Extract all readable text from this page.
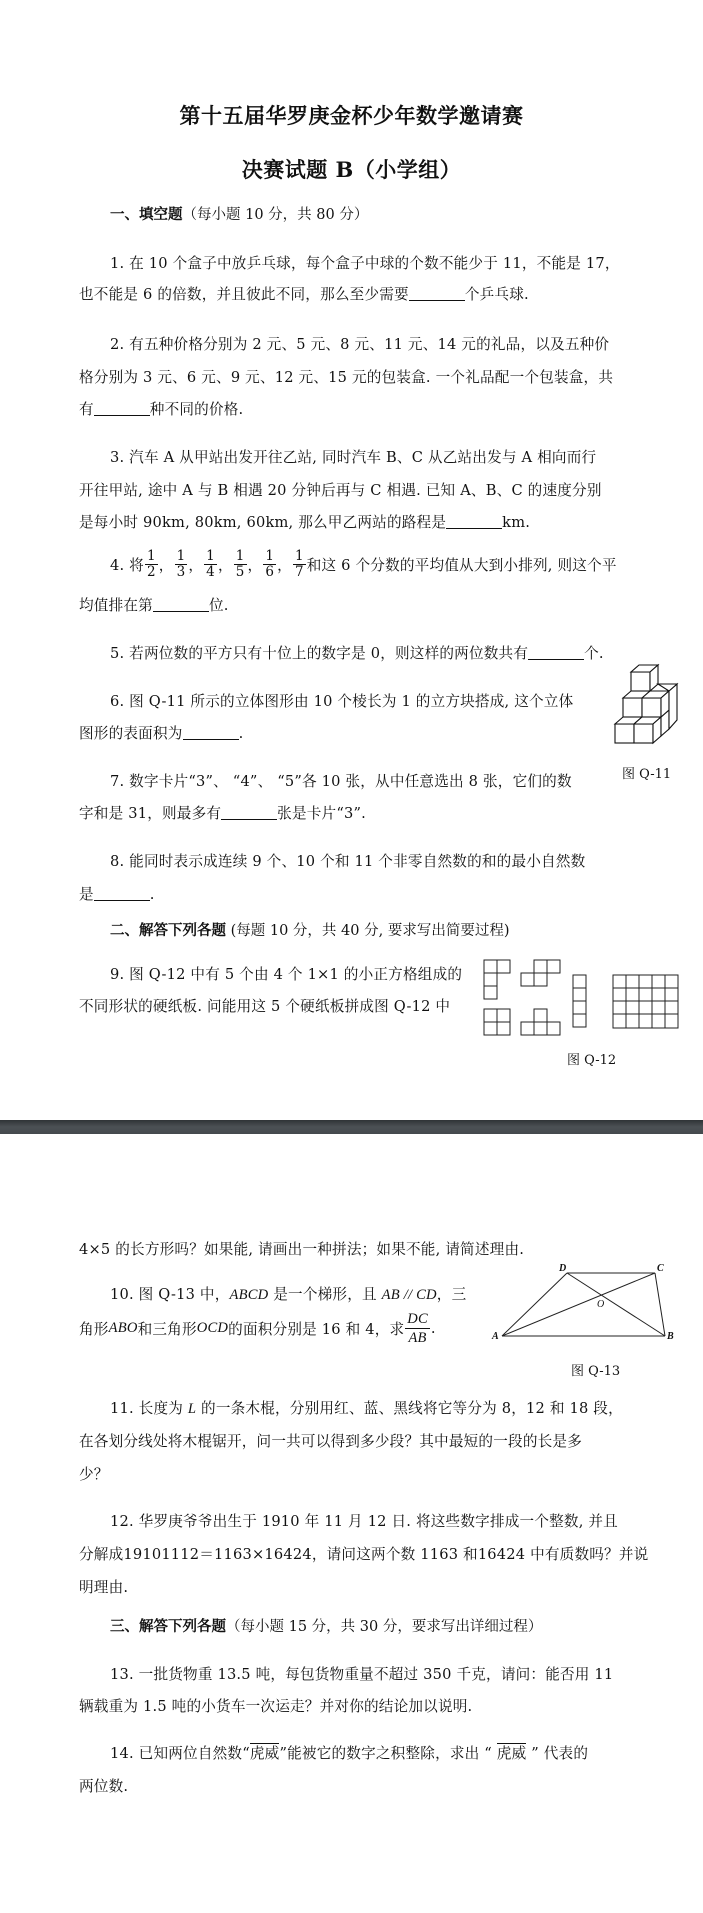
第十五届华罗庚金杯少年数学邀请赛
决赛试题 B（小学组）
一、填空题（每小题 10 分，共 80 分）
1. 在 10 个盒子中放乒乓球，每个盒子中球的个数不能少于 11，不能是 17，
也不能是 6 的倍数，并且彼此不同，那么至少需要	个乒乓球.
2. 有五种价格分别为 2 元、5 元、8 元、11 元、14 元的礼品，以及五种价
格分别为 3 元、6 元、9 元、12 元、15 元的包装盒. 一个礼品配一个包装盒，共
有	种不同的价格.
3. 汽车 A 从甲站出发开往乙站, 同时汽车 B、C 从乙站出发与 A 相向而行
开往甲站, 途中 A 与 B 相遇 20 分钟后再与 C 相遇. 已知 A、B、C 的速度分别
是每小时 90km, 80km, 60km, 那么甲乙两站的路程是	km.
4. 将 $\frac{1}{2}$ ， $\frac{1}{3}$ ， $\frac{1}{4}$ ， $\frac{1}{5}$ ， $\frac{1}{6}$ ， $\frac{1}{7}$ 和这 6 个分数的平均值从大到小排列, 则这个平
均值排在第	位.
5. 若两位数的平方只有十位上的数字是 0，则这样的两位数共有	个.
6. 图 Q-11 所示的立体图形由 10 个棱长为 1 的立方块搭成, 这个立体
图形的表面积为	.
图 Q-11
7. 数字卡片“3”、 “4”、 “5”各 10 张，从中任意选出 8 张，它们的数
字和是 31，则最多有	张是卡片“3”.
8. 能同时表示成连续 9 个、10 个和 11 个非零自然数的和的最小自然数
是	.
二、解答下列各题 (每题 10 分，共 40 分, 要求写出简要过程)
9. 图 Q-12 中有 5 个由 4 个 1×1 的小正方格组成的
不同形状的硬纸板. 问能用这 5 个硬纸板拼成图 Q-12 中
图 Q-12
4×5 的长方形吗？如果能, 请画出一种拼法；如果不能, 请简述理由.
10. 图 Q-13 中，ABCD 是一个梯形，且 AB // CD，三
角形 ABO 和三角形 OCD 的面积分别是 16 和 4，求 $\frac{DC}{AB}$ .	A	B
C
D
O
图 Q-13
11. 长度为 L 的一条木棍，分别用红、蓝、黑线将它等分为 8，12 和 18 段，
在各划分线处将木棍锯开，问一共可以得到多少段？其中最短的一段的长是多
少？
12. 华罗庚爷爷出生于 1910 年 11 月 12 日. 将这些数字排成一个整数, 并且
分解成19101112＝1163×16424，请问这两个数 1163 和16424 中有质数吗？并说
明理由.
三、解答下列各题（每小题 15 分，共 30 分，要求写出详细过程）
13. 一批货物重 13.5 吨，每包货物重量不超过 350 千克，请问：能否用 11
辆载重为 1.5 吨的小货车一次运走？并对你的结论加以说明.
14. 已知两位自然数“虎威”能被它的数字之积整除，求出 “ 虎威 ” 代表的
两位数.
